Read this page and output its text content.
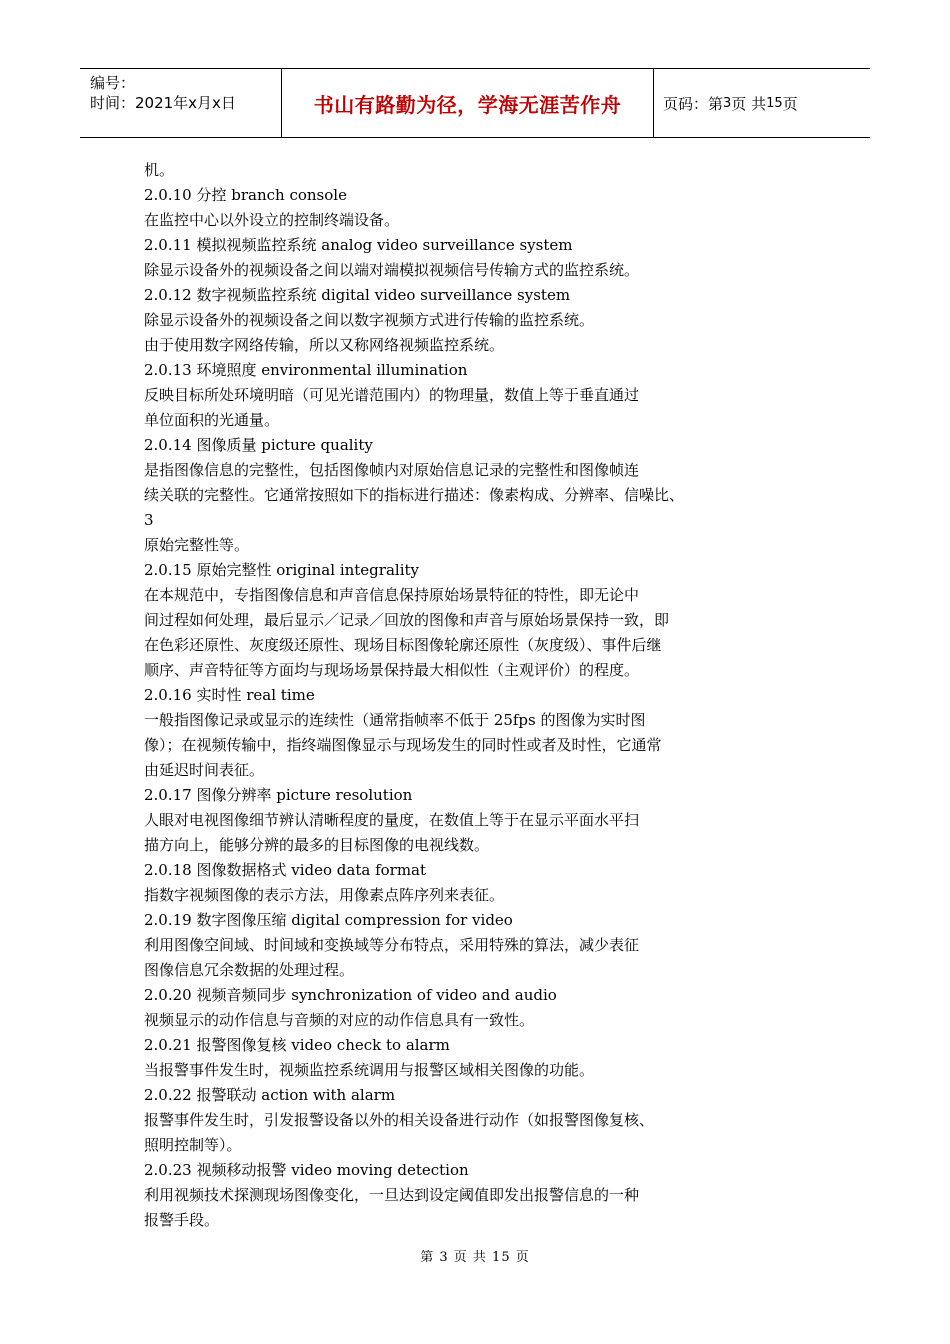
编号：
时间：2021年x月x日	书山有路勤为径，学海无涯苦作舟	页码：第 3 页 共 15 页
机。
2.0.10 分控 branch console
在监控中心以外设立的控制终端设备。
2.0.11 模拟视频监控系统 analog video surveillance system
除显示设备外的视频设备之间以端对端模拟视频信号传输方式的监控系统。
2.0.12 数字视频监控系统 digital video surveillance system
除显示设备外的视频设备之间以数字视频方式进行传输的监控系统。
由于使用数字网络传输，所以又称网络视频监控系统。
2.0.13 环境照度 environmental illumination
反映目标所处环境明暗（可见光谱范围内）的物理量，数值上等于垂直通过
单位面积的光通量。
2.0.14 图像质量 picture quality
是指图像信息的完整性，包括图像帧内对原始信息记录的完整性和图像帧连
续关联的完整性。它通常按照如下的指标进行描述：像素构成、分辨率、信噪比、
3
原始完整性等。
2.0.15 原始完整性 original integrality
在本规范中，专指图像信息和声音信息保持原始场景特征的特性，即无论中
间过程如何处理，最后显示／记录／回放的图像和声音与原始场景保持一致，即
在色彩还原性、灰度级还原性、现场目标图像轮廓还原性（灰度级）、事件后继
顺序、声音特征等方面均与现场场景保持最大相似性（主观评价）的程度。
2.0.16 实时性 real time
一般指图像记录或显示的连续性（通常指帧率不低于 25fps 的图像为实时图
像）；在视频传输中，指终端图像显示与现场发生的同时性或者及时性，它通常
由延迟时间表征。
2.0.17 图像分辨率 picture resolution
人眼对电视图像细节辨认清晰程度的量度，在数值上等于在显示平面水平扫
描方向上，能够分辨的最多的目标图像的电视线数。
2.0.18 图像数据格式 video data format
指数字视频图像的表示方法，用像素点阵序列来表征。
2.0.19 数字图像压缩 digital compression for video
利用图像空间域、时间域和变换域等分布特点，采用特殊的算法，减少表征
图像信息冗余数据的处理过程。
2.0.20 视频音频同步 synchronization of video and audio
视频显示的动作信息与音频的对应的动作信息具有一致性。
2.0.21 报警图像复核 video check to alarm
当报警事件发生时，视频监控系统调用与报警区域相关图像的功能。
2.0.22 报警联动 action with alarm
报警事件发生时，引发报警设备以外的相关设备进行动作（如报警图像复核、
照明控制等）。
2.0.23 视频移动报警 video moving detection
利用视频技术探测现场图像变化，一旦达到设定阈值即发出报警信息的一种
报警手段。
第 3 页 共 15 页
